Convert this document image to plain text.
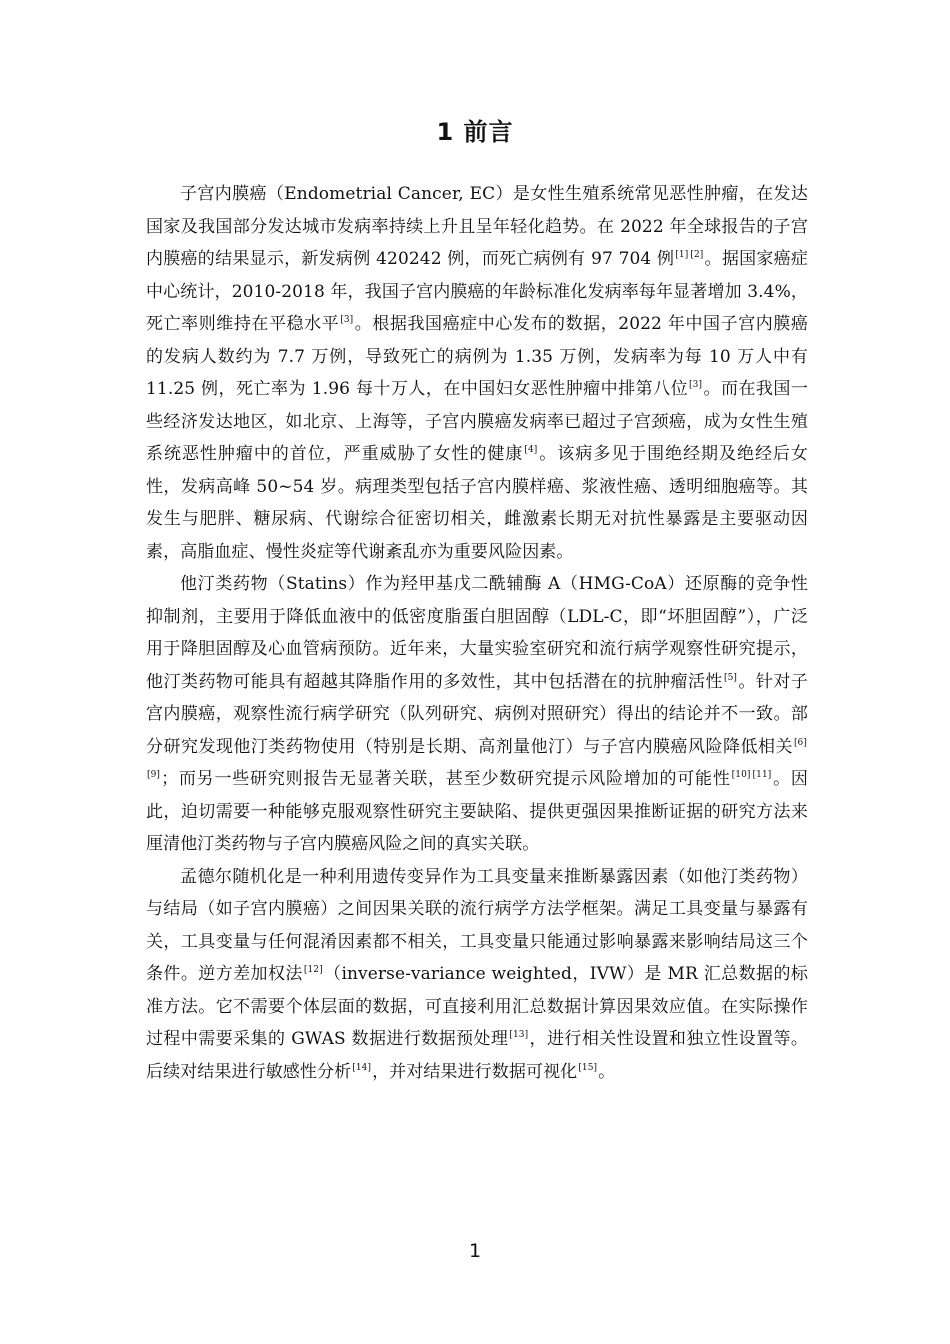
1 前言

子宫内膜癌（Endometrial Cancer, EC）是女性生殖系统常见恶性肿瘤，在发达国家及我国部分发达城市发病率持续上升且呈年轻化趋势。在 2022 年全球报告的子宫内膜癌的结果显示，新发病例 420242 例，而死亡病例有 97 704 例[1] [2]。据国家癌症中心统计，2010-2018 年，我国子宫内膜癌的年龄标准化发病率每年显著增加 3.4%，死亡率则维持在平稳水平[3]。根据我国癌症中心发布的数据，2022 年中国子宫内膜癌的发病人数约为 7.7 万例，导致死亡的病例为 1.35 万例，发病率为每 10 万人中有 11.25 例，死亡率为 1.96 每十万人，在中国妇女恶性肿瘤中排第八位[3]。而在我国一些经济发达地区，如北京、上海等，子宫内膜癌发病率已超过子宫颈癌，成为女性生殖系统恶性肿瘤中的首位，严重威胁了女性的健康[4]。该病多见于围绝经期及绝经后女性，发病高峰 50~54 岁。病理类型包括子宫内膜样癌、浆液性癌、透明细胞癌等。其发生与肥胖、糖尿病、代谢综合征密切相关，雌激素长期无对抗性暴露是主要驱动因素，高脂血症、慢性炎症等代谢紊乱亦为重要风险因素。

他汀类药物（Statins）作为羟甲基戊二酰辅酶 A（HMG-CoA）还原酶的竞争性抑制剂，主要用于降低血液中的低密度脂蛋白胆固醇（LDL-C，即“坏胆固醇”），广泛用于降胆固醇及心血管病预防。近年来，大量实验室研究和流行病学观察性研究提示，他汀类药物可能具有超越其降脂作用的多效性，其中包括潜在的抗肿瘤活性[5]。针对子宫内膜癌，观察性流行病学研究（队列研究、病例对照研究）得出的结论并不一致。部分研究发现他汀类药物使用（特别是长期、高剂量他汀）与子宫内膜癌风险降低相关[6][9]；而另一些研究则报告无显著关联，甚至少数研究提示风险增加的可能性[10] [11]。因此，迫切需要一种能够克服观察性研究主要缺陷、提供更强因果推断证据的研究方法来厘清他汀类药物与子宫内膜癌风险之间的真实关联。

孟德尔随机化是一种利用遗传变异作为工具变量来推断暴露因素（如他汀类药物）与结局（如子宫内膜癌）之间因果关联的流行病学方法学框架。满足工具变量与暴露有关，工具变量与任何混淆因素都不相关，工具变量只能通过影响暴露来影响结局这三个条件。逆方差加权法[12]（inverse-variance weighted，IVW）是 MR 汇总数据的标准方法。它不需要个体层面的数据，可直接利用汇总数据计算因果效应值。在实际操作过程中需要采集的 GWAS 数据进行数据预处理[13]，进行相关性设置和独立性设置等。后续对结果进行敏感性分析[14]，并对结果进行数据可视化[15]。

1
